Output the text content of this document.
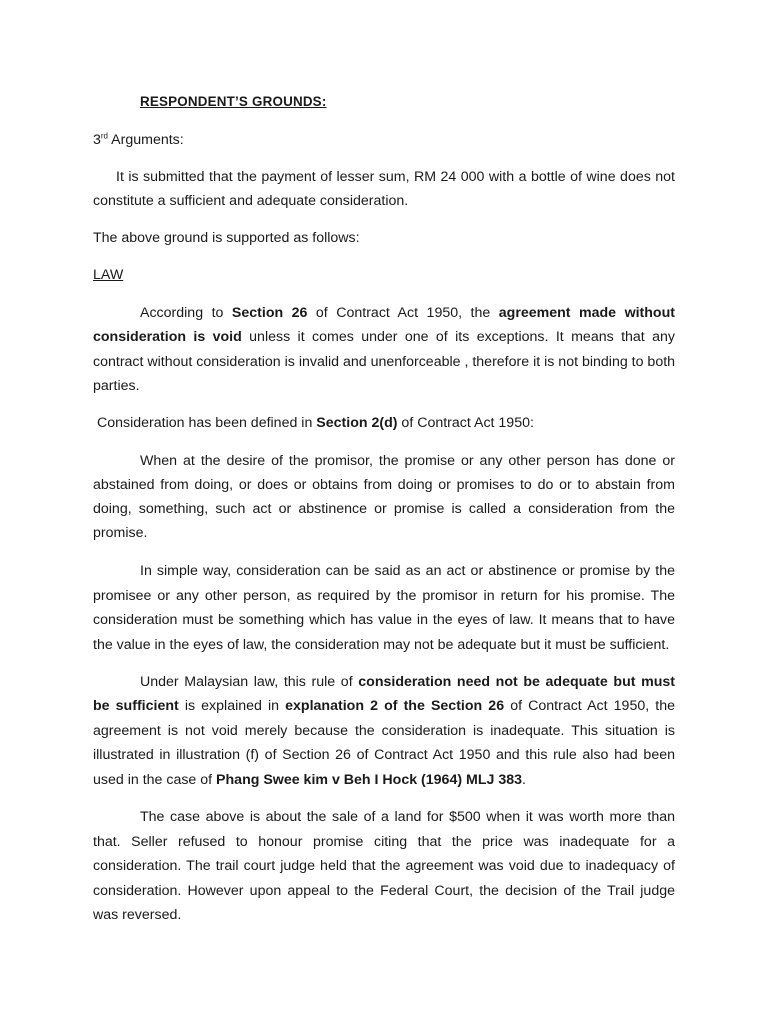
RESPONDENT’S GROUNDS:
3rd Arguments:
It is submitted that the payment of lesser sum, RM 24 000 with a bottle of wine does not
constitute a sufficient and adequate consideration.
The above ground is supported as follows:
LAW
According to Section 26 of Contract Act 1950, the agreement made without
consideration is void unless it comes under one of its exceptions. It means that any
contract without consideration is invalid and unenforceable , therefore it is not binding to both
parties.
Consideration has been defined in Section 2(d) of Contract Act 1950:
When at the desire of the promisor, the promise or any other person has done or
abstained from doing, or does or obtains from doing or promises to do or to abstain from
doing, something, such act or abstinence or promise is called a consideration from the
promise.
In simple way, consideration can be said as an act or abstinence or promise by the
promisee or any other person, as required by the promisor in return for his promise. The
consideration must be something which has value in the eyes of law. It means that to have
the value in the eyes of law, the consideration may not be adequate but it must be sufficient.
Under Malaysian law, this rule of consideration need not be adequate but must
be sufficient is explained in explanation 2 of the Section 26 of Contract Act 1950, the
agreement is not void merely because the consideration is inadequate. This situation is
illustrated in illustration (f) of Section 26 of Contract Act 1950 and this rule also had been
used in the case of Phang Swee kim v Beh I Hock (1964) MLJ 383.
The case above is about the sale of a land for $500 when it was worth more than
that. Seller refused to honour promise citing that the price was inadequate for a
consideration. The trail court judge held that the agreement was void due to inadequacy of
consideration. However upon appeal to the Federal Court, the decision of the Trail judge
was reversed.
